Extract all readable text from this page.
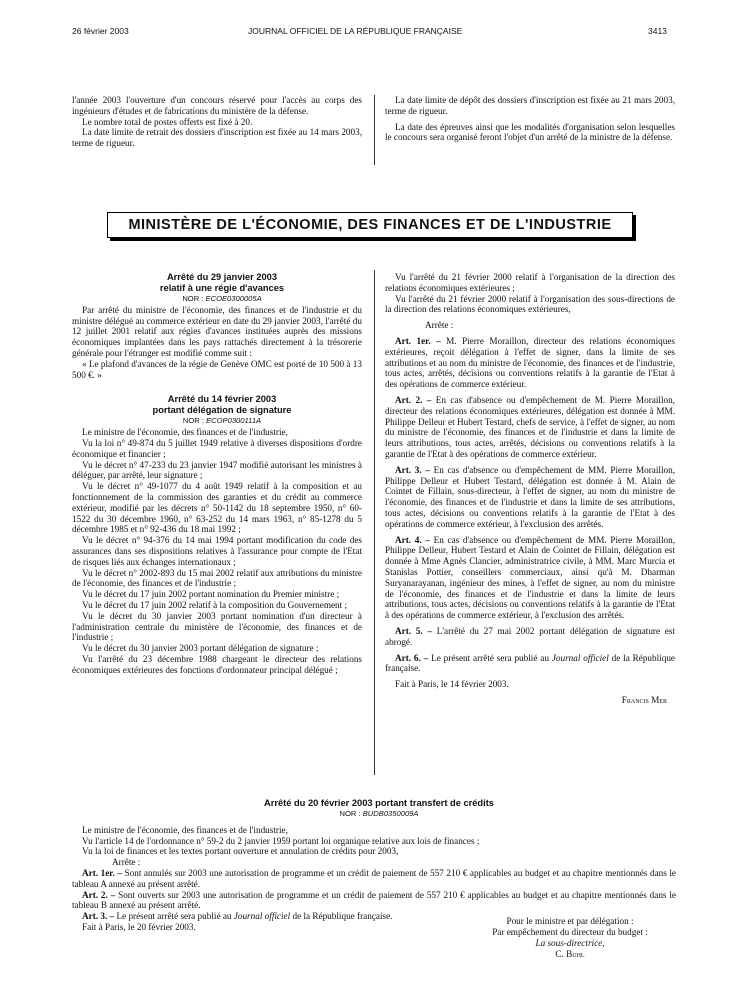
26 février 2003	JOURNAL OFFICIEL DE LA RÉPUBLIQUE FRANÇAISE	3413

l'année 2003 l'ouverture d'un concours réservé pour l'accès au corps des ingénieurs d'études et de fabrications du ministère de la défense.

Le nombre total de postes offerts est fixé à 20.

La date limite de retrait des dossiers d'inscription est fixée au 14 mars 2003, terme de rigueur.

La date limite de dépôt des dossiers d'inscription est fixée au 21 mars 2003, terme de rigueur.

La date des épreuves ainsi que les modalités d'organisation selon lesquelles le concours sera organisé feront l'objet d'un arrêté de la ministre de la défense.

MINISTÈRE DE L'ÉCONOMIE, DES FINANCES ET DE L'INDUSTRIE

Arrêté du 29 janvier 2003

relatif à une régie d'avances

NOR : ECOE0300005A

Par arrêté du ministre de l'économie, des finances et de l'industrie et du ministre délégué au commerce extérieur en date du 29 janvier 2003, l'arrêté du 12 juillet 2001 relatif aux régies d'avances instituées auprès des missions économiques implantées dans les pays rattachés directement à la trésorerie générale pour l'étranger est modifié comme suit :

« Le plafond d'avances de la régie de Genève OMC est porté de 10 500 à 13 500 €. »

Arrêté du 14 février 2003

portant délégation de signature

NOR : ECOP0300111A

Le ministre de l'économie, des finances et de l'industrie,

Vu la loi n° 49-874 du 5 juillet 1949 relative à diverses dispositions d'ordre économique et financier ;

Vu le décret n° 47-233 du 23 janvier 1947 modifié autorisant les ministres à déléguer, par arrêté, leur signature ;

Vu le décret n° 49-1077 du 4 août 1949 relatif à la composition et au fonctionnement de la commission des garanties et du crédit au commerce extérieur, modifié par les décrets n° 50-1142 du 18 septembre 1950, n° 60-1522 du 30 décembre 1960, n° 63-252 du 14 mars 1963, n° 85-1278 du 5 décembre 1985 et n° 92-436 du 18 mai 1992 ;

Vu le décret n° 94-376 du 14 mai 1994 portant modification du code des assurances dans ses dispositions relatives à l'assurance pour compte de l'Etat de risques liés aux échanges internationaux ;

Vu le décret n° 2002-893 du 15 mai 2002 relatif aux attributions du ministre de l'économie, des finances et de l'industrie ;

Vu le décret du 17 juin 2002 portant nomination du Premier ministre ;

Vu le décret du 17 juin 2002 relatif à la composition du Gouvernement ;

Vu le décret du 30 janvier 2003 portant nomination d'un directeur à l'administration centrale du ministère de l'économie, des finances et de l'industrie ;

Vu le décret du 30 janvier 2003 portant délégation de signature ;

Vu l'arrêté du 23 décembre 1988 chargeant le directeur des relations économiques extérieures des fonctions d'ordonnateur principal délégué ;

Vu l'arrêté du 21 février 2000 relatif à l'organisation de la direction des relations économiques extérieures ;

Vu l'arrêté du 21 février 2000 relatif à l'organisation des sous-directions de la direction des relations économiques extérieures,

Arrête :

Art. 1er. – M. Pierre Moraillon, directeur des relations économiques extérieures, reçoit délégation à l'effet de signer, dans la limite de ses attributions et au nom du ministre de l'économie, des finances et de l'industrie, tous actes, arrêtés, décisions ou conventions relatifs à la garantie de l'Etat à des opérations de commerce extérieur.

Art. 2. – En cas d'absence ou d'empêchement de M. Pierre Moraillon, directeur des relations économiques extérieures, délégation est donnée à MM. Philippe Delleur et Hubert Testard, chefs de service, à l'effet de signer, au nom du ministre de l'économie, des finances et de l'industrie et dans la limite de leurs attributions, tous actes, arrêtés, décisions ou conventions relatifs à la garantie de l'Etat à des opérations de commerce extérieur.

Art. 3. – En cas d'absence ou d'empêchement de MM. Pierre Moraillon, Philippe Delleur et Hubert Testard, délégation est donnée à M. Alain de Cointet de Fillain, sous-directeur, à l'effet de signer, au nom du ministre de l'économie, des finances et de l'industrie et dans la limite de ses attributions, tous actes, décisions ou conventions relatifs à la garantie de l'Etat à des opérations de commerce extérieur, à l'exclusion des arrêtés.

Art. 4. – En cas d'absence ou d'empêchement de MM. Pierre Moraillon, Philippe Delleur, Hubert Testard et Alain de Cointet de Fillain, délégation est donnée à Mme Agnès Clancier, administratrice civile, à MM. Marc Murcia et Stanislas Pottier, conseillers commerciaux, ainsi qu'à M. Dharman Suryanarayanan, ingénieur des mines, à l'effet de signer, au nom du ministre de l'économie, des finances et de l'industrie et dans la limite de leurs attributions, tous actes, décisions ou conventions relatifs à la garantie de l'Etat à des opérations de commerce extérieur, à l'exclusion des arrêtés.

Art. 5. – L'arrêté du 27 mai 2002 portant délégation de signature est abrogé.

Art. 6. – Le présent arrêté sera publié au Journal officiel de la République française.

Fait à Paris, le 14 février 2003.

Francis Mer

Arrêté du 20 février 2003 portant transfert de crédits

NOR : BUDB0350009A

Le ministre de l'économie, des finances et de l'industrie,

Vu l'article 14 de l'ordonnance n° 59-2 du 2 janvier 1959 portant loi organique relative aux lois de finances ;

Vu la loi de finances et les textes portant ouverture et annulation de crédits pour 2003,

Arrête :

Art. 1er. – Sont annulés sur 2003 une autorisation de programme et un crédit de paiement de 557 210 € applicables au budget et au chapitre mentionnés dans le tableau A annexé au présent arrêté.

Art. 2. – Sont ouverts sur 2003 une autorisation de programme et un crédit de paiement de 557 210 € applicables au budget et au chapitre mentionnés dans le tableau B annexé au présent arrêté.

Art. 3. – Le présent arrêté sera publié au Journal officiel de la République française.

Fait à Paris, le 20 février 2003.

Pour le ministre et par délégation :
Par empêchement du directeur du budget :
La sous-directrice,
C. Buhl
